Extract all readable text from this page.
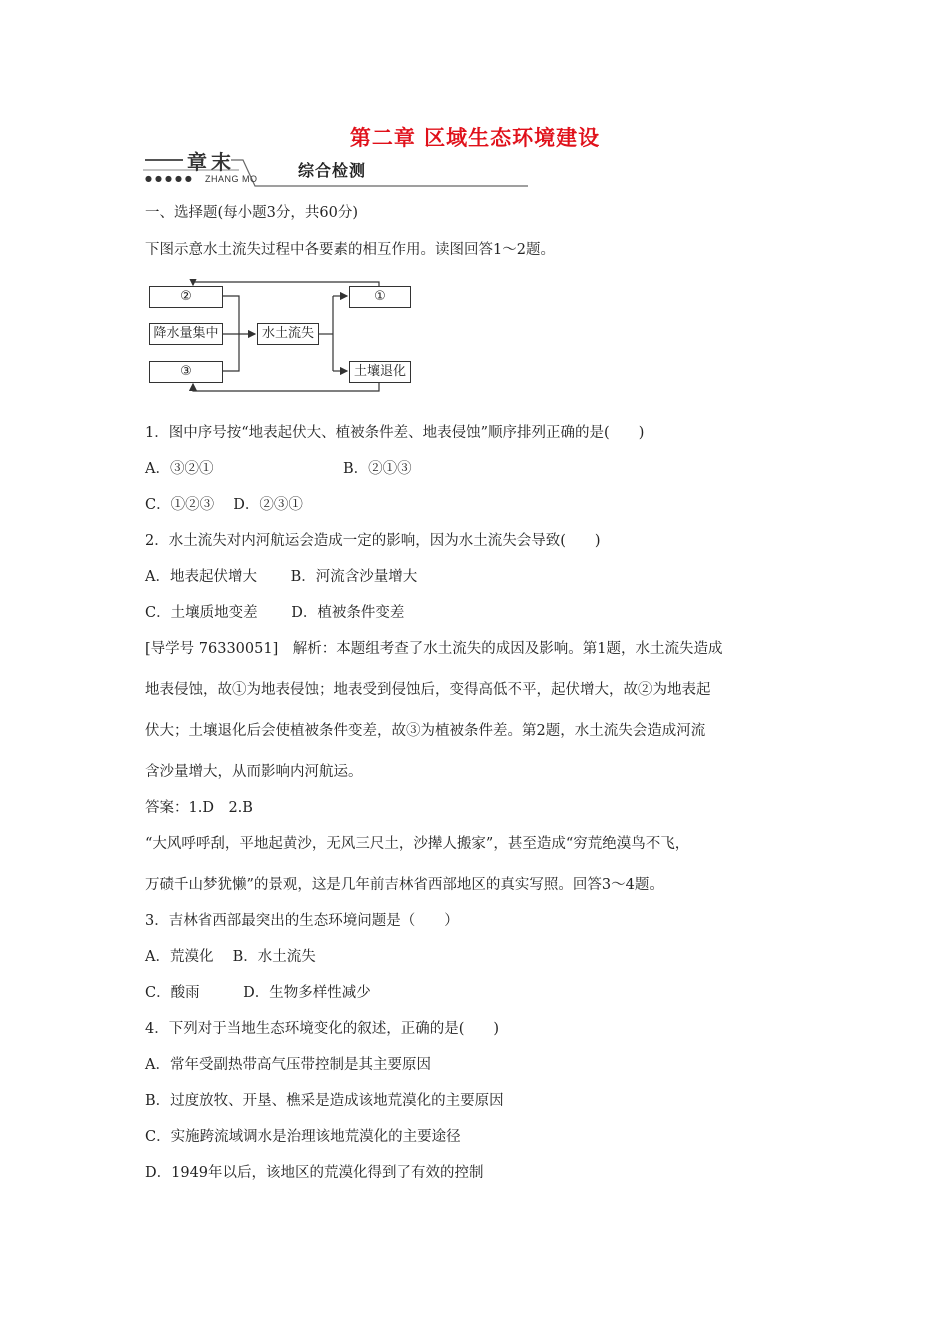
第二章 区域生态环境建设
章 末
●●●●● ZHANG MO	综合检测
一、选择题(每小题3分，共60分)
下图示意水土流失过程中各要素的相互作用。读图回答1～2题。
②	①
降水量集中	水土流失
③	土壤退化
1．图中序号按“地表起伏大、植被条件差、地表侵蚀”顺序排列正确的是(　　)
A．③②①	B．②①③
C．①②③　 D．②③①
2．水土流失对内河航运会造成一定的影响，因为水土流失会导致(　　)
A．地表起伏增大　　 B．河流含沙量增大
C．土壤质地变差　　 D．植被条件变差
[导学号 76330051]　解析：本题组考查了水土流失的成因及影响。第1题，水土流失造成
地表侵蚀，故①为地表侵蚀；地表受到侵蚀后，变得高低不平，起伏增大，故②为地表起
伏大；土壤退化后会使植被条件变差，故③为植被条件差。第2题，水土流失会造成河流
含沙量增大，从而影响内河航运。
答案：1.D　2.B
“大风呼呼刮，平地起黄沙，无风三尺土，沙撵人搬家”，甚至造成“穷荒绝漠鸟不飞，
万碛千山梦犹懒”的景观，这是几年前吉林省西部地区的真实写照。回答3～4题。
3．吉林省西部最突出的生态环境问题是（　　）
A．荒漠化　 B．水土流失
C．酸雨　　　D．生物多样性减少
4．下列对于当地生态环境变化的叙述，正确的是(　　)
A．常年受副热带高气压带控制是其主要原因
B．过度放牧、开垦、樵采是造成该地荒漠化的主要原因
C．实施跨流域调水是治理该地荒漠化的主要途径
D．1949年以后，该地区的荒漠化得到了有效的控制
